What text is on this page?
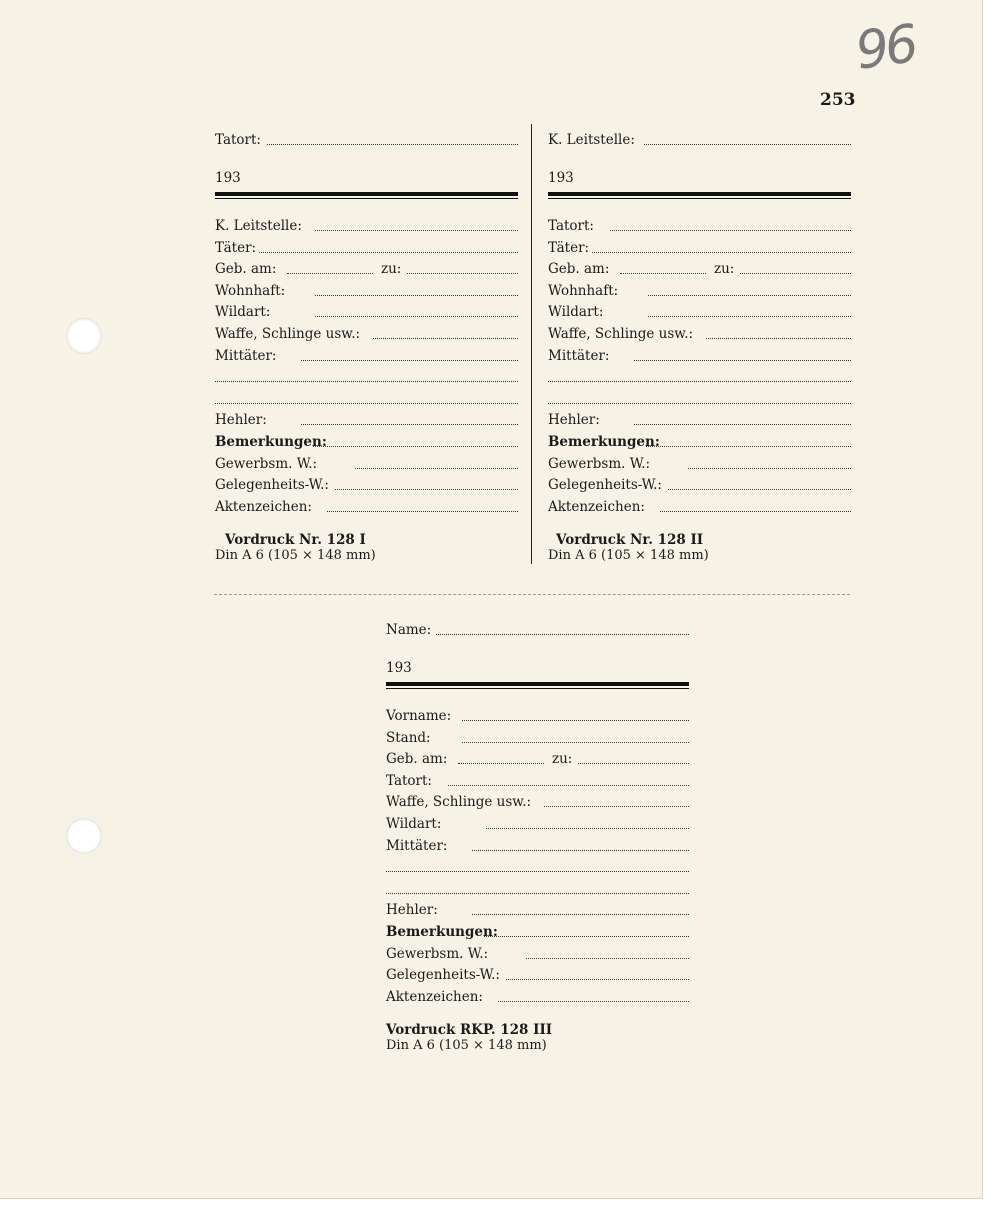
96
253
Tatort:
193
K. Leitstelle:
Täter:
Geb. am:	zu:
Wohnhaft:
Wildart:
Waffe, Schlinge usw.:
Mittäter:
Hehler:
Bemerkungen:
Gewerbsm. W.:
Gelegenheits-W.:
Aktenzeichen:
Vordruck Nr. 128 I
Din A 6 (105 × 148 mm)
K. Leitstelle:
193
Tatort:
Täter:
Geb. am:	zu:
Wohnhaft:
Wildart:
Waffe, Schlinge usw.:
Mittäter:
Hehler:
Bemerkungen:
Gewerbsm. W.:
Gelegenheits-W.:
Aktenzeichen:
Vordruck Nr. 128 II
Din A 6 (105 × 148 mm)
Name:
193
Vorname:
Stand:
Geb. am:	zu:
Tatort:
Waffe, Schlinge usw.:
Wildart:
Mittäter:
Hehler:
Bemerkungen:
Gewerbsm. W.:
Gelegenheits-W.:
Aktenzeichen:
Vordruck RKP. 128 III
Din A 6 (105 × 148 mm)
